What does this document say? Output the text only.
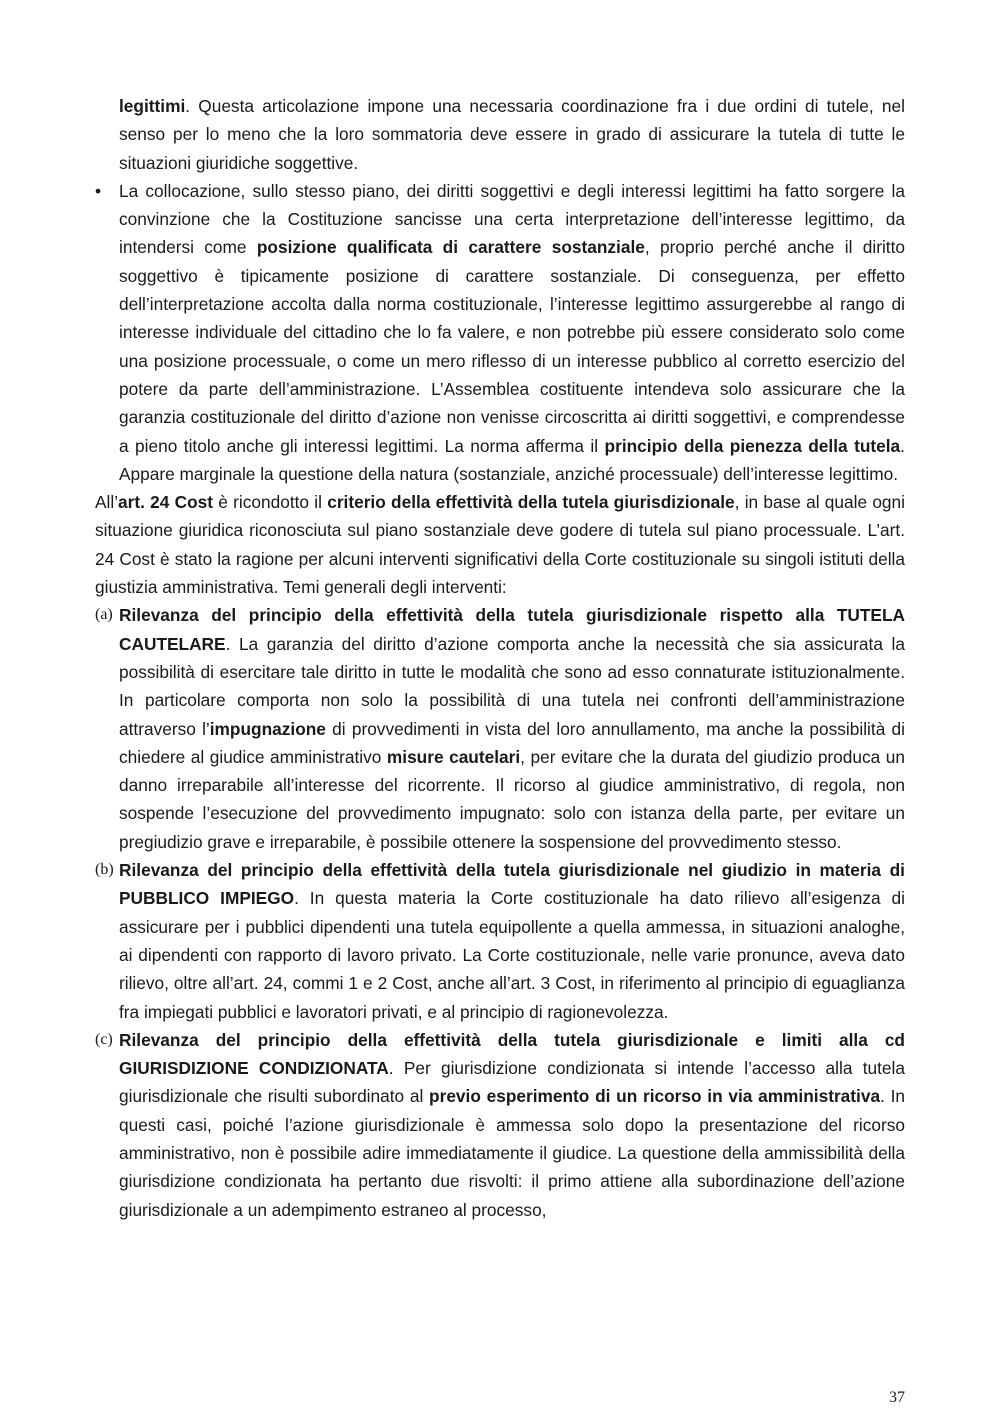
legittimi. Questa articolazione impone una necessaria coordinazione fra i due ordini di tutele, nel senso per lo meno che la loro sommatoria deve essere in grado di assicurare la tutela di tutte le situazioni giuridiche soggettive.

•	La collocazione, sullo stesso piano, dei diritti soggettivi e degli interessi legittimi ha fatto sorgere la convinzione che la Costituzione sancisse una certa interpretazione dell’interesse legittimo, da intendersi come posizione qualificata di carattere sostanziale, proprio perché anche il diritto soggettivo è tipicamente posizione di carattere sostanziale. Di conseguenza, per effetto dell’interpretazione accolta dalla norma costituzionale, l’interesse legittimo assurgerebbe al rango di interesse individuale del cittadino che lo fa valere, e non potrebbe più essere considerato solo come una posizione processuale, o come un mero riflesso di un interesse pubblico al corretto esercizio del potere da parte dell’amministrazione. L’Assemblea costituente intendeva solo assicurare che la garanzia costituzionale del diritto d’azione non venisse circoscritta ai diritti soggettivi, e comprendesse a pieno titolo anche gli interessi legittimi. La norma afferma il principio della pienezza della tutela. Appare marginale la questione della natura (sostanziale, anziché processuale) dell’interesse legittimo.

All’art. 24 Cost è ricondotto il criterio della effettività della tutela giurisdizionale, in base al quale ogni situazione giuridica riconosciuta sul piano sostanziale deve godere di tutela sul piano processuale. L’art. 24 Cost è stato la ragione per alcuni interventi significativi della Corte costituzionale su singoli istituti della giustizia amministrativa. Temi generali degli interventi:

(a) Rilevanza del principio della effettività della tutela giurisdizionale rispetto alla TUTELA CAUTELARE. La garanzia del diritto d’azione comporta anche la necessità che sia assicurata la possibilità di esercitare tale diritto in tutte le modalità che sono ad esso connaturate istituzionalmente. In particolare comporta non solo la possibilità di una tutela nei confronti dell’amministrazione attraverso l’impugnazione di provvedimenti in vista del loro annullamento, ma anche la possibilità di chiedere al giudice amministrativo misure cautelari, per evitare che la durata del giudizio produca un danno irreparabile all’interesse del ricorrente. Il ricorso al giudice amministrativo, di regola, non sospende l’esecuzione del provvedimento impugnato: solo con istanza della parte, per evitare un pregiudizio grave e irreparabile, è possibile ottenere la sospensione del provvedimento stesso.

(b) Rilevanza del principio della effettività della tutela giurisdizionale nel giudizio in materia di PUBBLICO IMPIEGO. In questa materia la Corte costituzionale ha dato rilievo all’esigenza di assicurare per i pubblici dipendenti una tutela equipollente a quella ammessa, in situazioni analoghe, ai dipendenti con rapporto di lavoro privato. La Corte costituzionale, nelle varie pronunce, aveva dato rilievo, oltre all’art. 24, commi 1 e 2 Cost, anche all’art. 3 Cost, in riferimento al principio di eguaglianza fra impiegati pubblici e lavoratori privati, e al principio di ragionevolezza.

(c) Rilevanza del principio della effettività della tutela giurisdizionale e limiti alla cd GIURISDIZIONE CONDIZIONATA. Per giurisdizione condizionata si intende l’accesso alla tutela giurisdizionale che risulti subordinato al previo esperimento di un ricorso in via amministrativa. In questi casi, poiché l’azione giurisdizionale è ammessa solo dopo la presentazione del ricorso amministrativo, non è possibile adire immediatamente il giudice. La questione della ammissibilità della giurisdizione condizionata ha pertanto due risvolti: il primo attiene alla subordinazione dell’azione giurisdizionale a un adempimento estraneo al processo,

37
